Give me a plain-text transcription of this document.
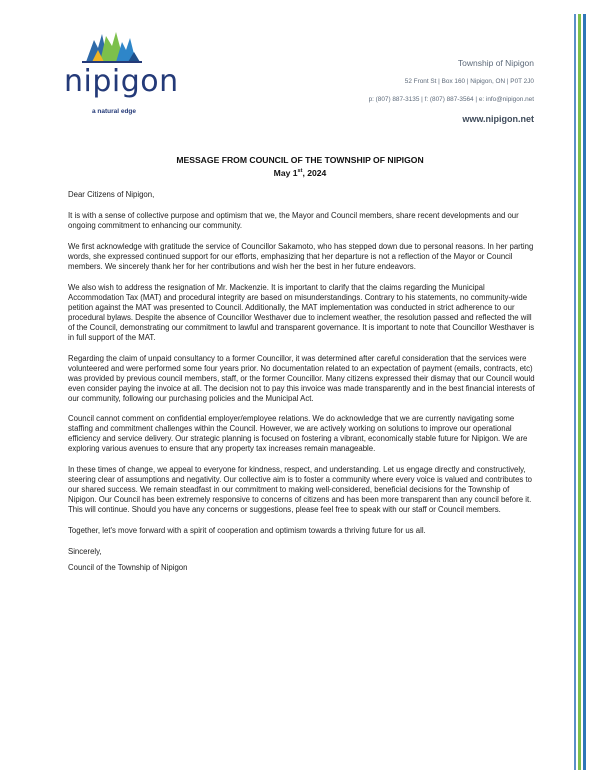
nipigon
a natural edge
Township of Nipigon
52 Front St | Box 160 | Nipigon, ON | P0T 2J0
p: (807) 887-3135 | f: (807) 887-3564 | e: info@nipigon.net
www.nipigon.net
MESSAGE FROM COUNCIL OF THE TOWNSHIP OF NIPIGON
May 1st, 2024

Dear Citizens of Nipigon,

It is with a sense of collective purpose and optimism that we, the Mayor and Council members, share recent developments and our ongoing commitment to enhancing our community.

We first acknowledge with gratitude the service of Councillor Sakamoto, who has stepped down due to personal reasons. In her parting words, she expressed continued support for our efforts, emphasizing that her departure is not a reflection of the Mayor or Council members. We sincerely thank her for her contributions and wish her the best in her future endeavors.

We also wish to address the resignation of Mr. Mackenzie. It is important to clarify that the claims regarding the Municipal Accommodation Tax (MAT) and procedural integrity are based on misunderstandings. Contrary to his statements, no community-wide petition against the MAT was presented to Council. Additionally, the MAT implementation was conducted in strict adherence to our procedural bylaws. Despite the absence of Councillor Westhaver due to inclement weather, the resolution passed and reflected the will of the Council, demonstrating our commitment to lawful and transparent governance. It is important to note that Councillor Westhaver is in full support of the MAT.

Regarding the claim of unpaid consultancy to a former Councillor, it was determined after careful consideration that the services were volunteered and were performed some four years prior. No documentation related to an expectation of payment (emails, contracts, etc) was provided by previous council members, staff, or the former Councillor. Many citizens expressed their dismay that our Council would even consider paying the invoice at all. The decision not to pay this invoice was made transparently and in the best financial interests of our community, following our purchasing policies and the Municipal Act.

Council cannot comment on confidential employer/employee relations. We do acknowledge that we are currently navigating some staffing and commitment challenges within the Council. However, we are actively working on solutions to improve our operational efficiency and service delivery. Our strategic planning is focused on fostering a vibrant, economically stable future for Nipigon. We are exploring various avenues to ensure that any property tax increases remain manageable.

In these times of change, we appeal to everyone for kindness, respect, and understanding. Let us engage directly and constructively, steering clear of assumptions and negativity. Our collective aim is to foster a community where every voice is valued and contributes to our shared success. We remain steadfast in our commitment to making well-considered, beneficial decisions for the Township of Nipigon. Our Council has been extremely responsive to concerns of citizens and has been more transparent than any council before it. This will continue. Should you have any concerns or suggestions, please feel free to speak with our staff or Council members.

Together, let's move forward with a spirit of cooperation and optimism towards a thriving future for us all.

Sincerely,

Council of the Township of Nipigon
